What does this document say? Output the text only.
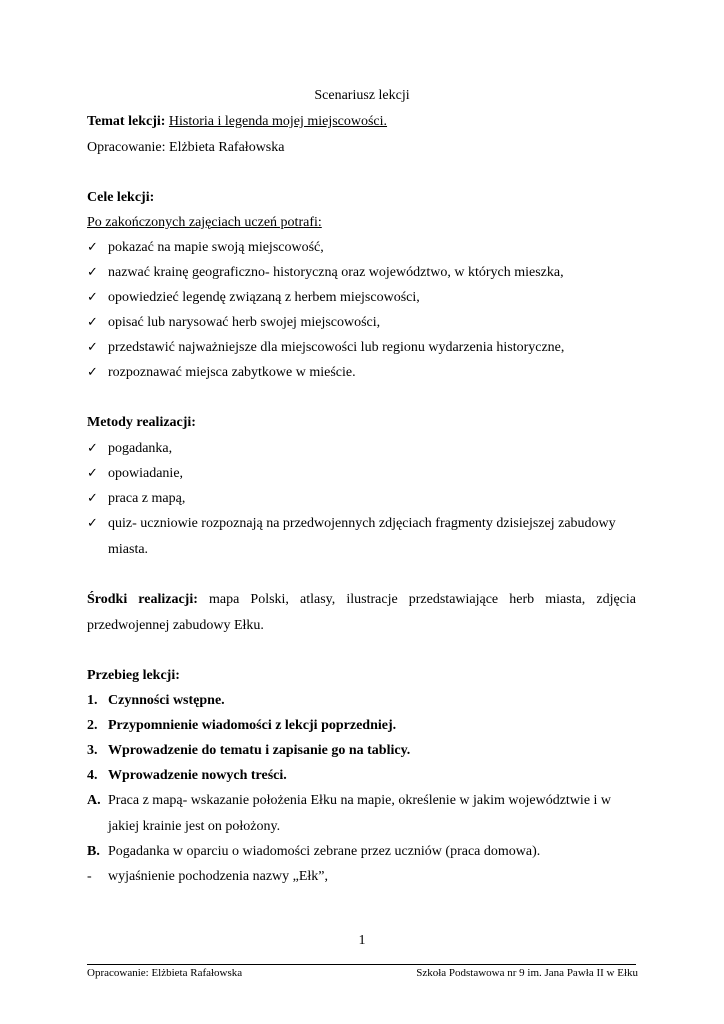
Scenariusz lekcji
Temat lekcji: Historia i legenda mojej miejscowości.
Opracowanie: Elżbieta Rafałowska
Cele lekcji:
Po zakończonych zajęciach uczeń potrafi:
✓ pokazać na mapie swoją miejscowość,
✓ nazwać krainę geograficzno- historyczną oraz województwo, w których mieszka,
✓ opowiedzieć legendę związaną z herbem miejscowości,
✓ opisać lub narysować herb swojej miejscowości,
✓ przedstawić najważniejsze dla miejscowości lub regionu wydarzenia historyczne,
✓ rozpoznawać miejsca zabytkowe w mieście.
Metody realizacji:
✓ pogadanka,
✓ opowiadanie,
✓ praca z mapą,
✓ quiz- uczniowie rozpoznają na przedwojennych zdjęciach fragmenty dzisiejszej zabudowy
miasta.
Środki realizacji: mapa Polski, atlasy, ilustracje przedstawiające herb miasta, zdjęcia przedwojennej zabudowy Ełku.
Przebieg lekcji:
1. Czynności wstępne.
2. Przypomnienie wiadomości z lekcji poprzedniej.
3. Wprowadzenie do tematu i zapisanie go na tablicy.
4. Wprowadzenie nowych treści.
A. Praca z mapą- wskazanie położenia Ełku na mapie, określenie w jakim województwie i w
jakiej krainie jest on położony.
B. Pogadanka w oparciu o wiadomości zebrane przez uczniów (praca domowa).
- wyjaśnienie pochodzenia nazwy „Ełk”,
1
Opracowanie: Elżbieta Rafałowska	Szkoła Podstawowa nr 9 im. Jana Pawła II w Ełku
